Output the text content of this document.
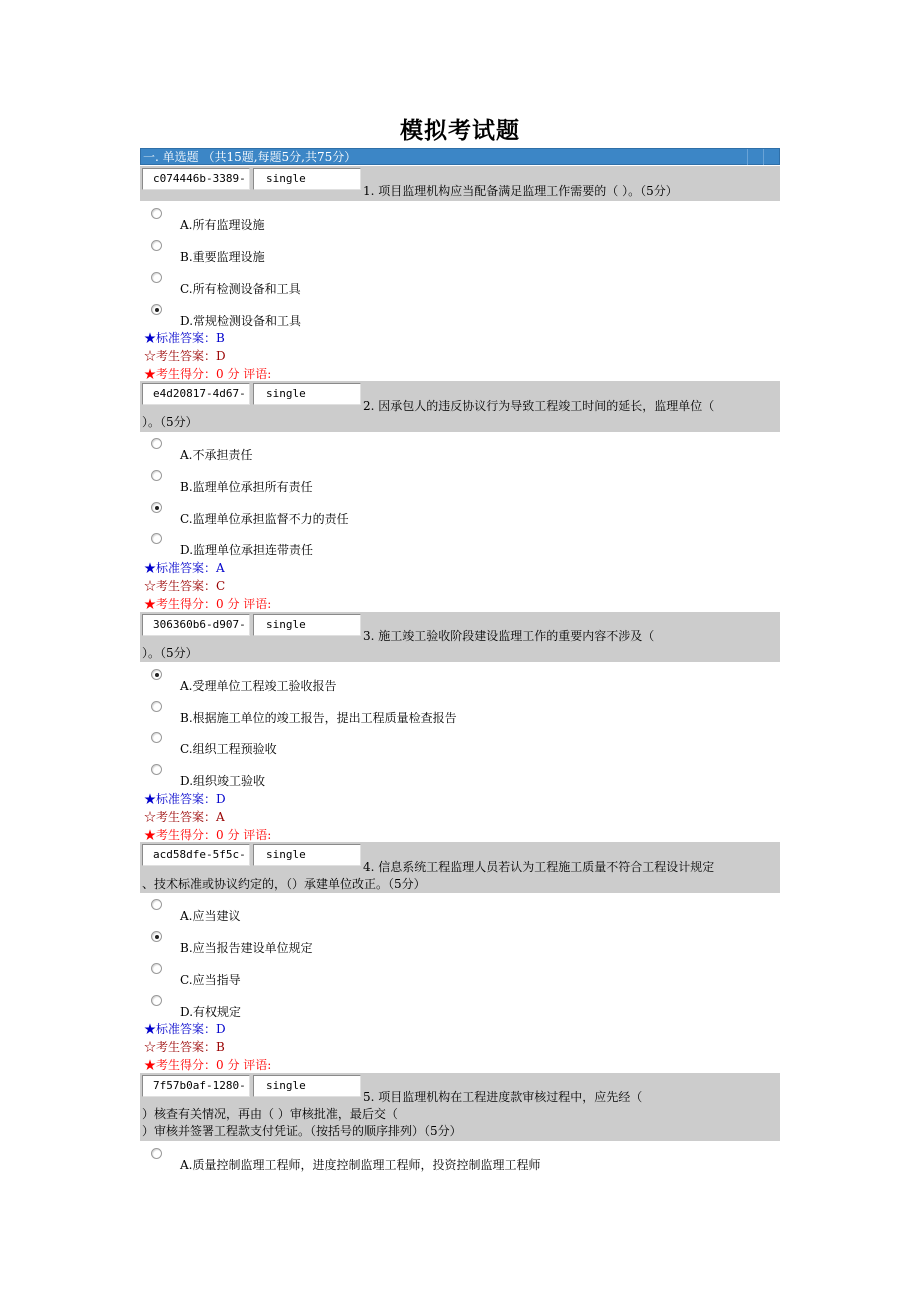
模拟考试题
一. 单选题 （共15题,每题5分,共75分）
c074446b-3389-	single
1. 项目监理机构应当配备满足监理工作需要的（ ）。（5分）
A.所有监理设施
B.重要监理设施
C.所有检测设备和工具
D.常规检测设备和工具
★标准答案：B
☆考生答案：D
★考生得分：0 分 评语:
e4d20817-4d67-	single
2. 因承包人的违反协议行为导致工程竣工时间的延长，监理单位（
）。（5分）
A.不承担责任
B.监理单位承担所有责任
C.监理单位承担监督不力的责任
D.监理单位承担连带责任
★标准答案：A
☆考生答案：C
★考生得分：0 分 评语:
306360b6-d907-	single
3. 施工竣工验收阶段建设监理工作的重要内容不涉及（
）。（5分）
A.受理单位工程竣工验收报告
B.根据施工单位的竣工报告，提出工程质量检查报告
C.组织工程预验收
D.组织竣工验收
★标准答案：D
☆考生答案：A
★考生得分：0 分 评语:
acd58dfe-5f5c-	single
4. 信息系统工程监理人员若认为工程施工质量不符合工程设计规定
、技术标准或协议约定的，（）承建单位改正。（5分）
A.应当建议
B.应当报告建设单位规定
C.应当指导
D.有权规定
★标准答案：D
☆考生答案：B
★考生得分：0 分 评语:
7f57b0af-1280-	single
5. 项目监理机构在工程进度款审核过程中，应先经（
）核查有关情况，再由（ ）审核批准，最后交（
）审核并签署工程款支付凭证。（按括号的顺序排列）（5分）
A.质量控制监理工程师，进度控制监理工程师，投资控制监理工程师
